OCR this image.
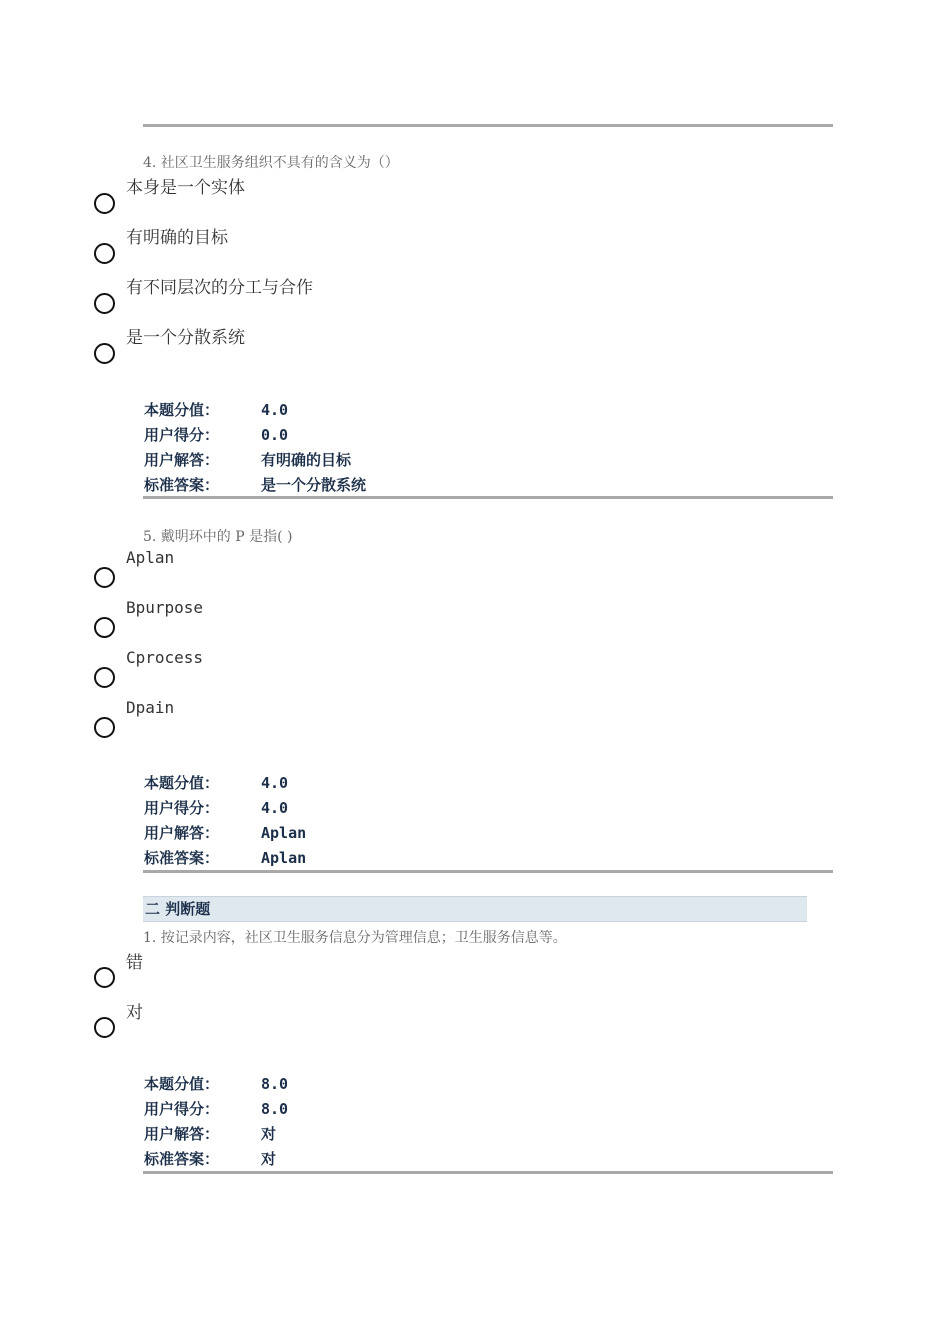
4. 社区卫生服务组织不具有的含义为（）
本身是一个实体
有明确的目标
有不同层次的分工与合作
是一个分散系统
本题分值：	4.0
用户得分：	0.0
用户解答：	有明确的目标
标准答案：	是一个分散系统
5. 戴明环中的 P 是指( )
Aplan
Bpurpose
Cprocess
Dpain
本题分值：	4.0
用户得分：	4.0
用户解答：	Aplan
标准答案：	Aplan
二 判断题
1. 按记录内容，社区卫生服务信息分为管理信息；卫生服务信息等。
错
对
本题分值：	8.0
用户得分：	8.0
用户解答：	对
标准答案：	对
